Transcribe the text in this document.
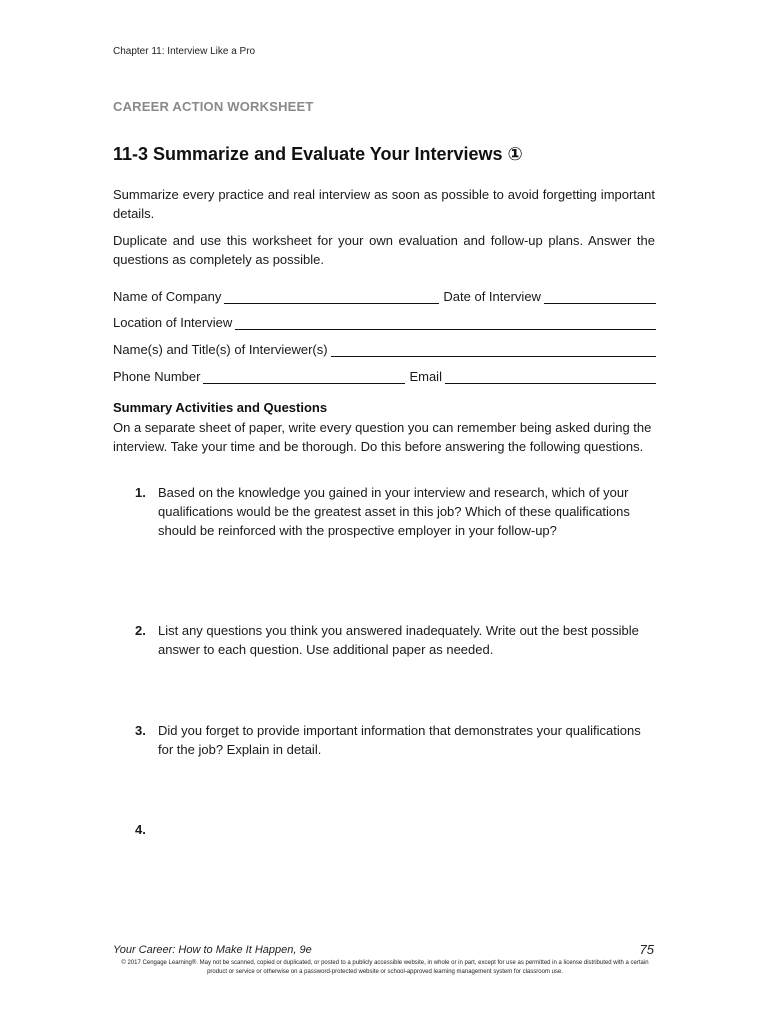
Chapter 11: Interview Like a Pro
CAREER ACTION WORKSHEET
11-3 Summarize and Evaluate Your Interviews ①
Summarize every practice and real interview as soon as possible to avoid forgetting important details.
Duplicate and use this worksheet for your own evaluation and follow-up plans. Answer the questions as completely as possible.
Name of Company	Date of Interview
Location of Interview
Name(s) and Title(s) of Interviewer(s)
Phone Number	Email
Summary Activities and Questions
On a separate sheet of paper, write every question you can remember being asked during the interview. Take your time and be thorough. Do this before answering the following questions.
1. Based on the knowledge you gained in your interview and research, which of your qualifications would be the greatest asset in this job? Which of these qualifications should be reinforced with the prospective employer in your follow-up?
2. List any questions you think you answered inadequately. Write out the best possible answer to each question. Use additional paper as needed.
3. Did you forget to provide important information that demonstrates your qualifications for the job? Explain in detail.
4.
Your Career: How to Make It Happen, 9e	75
© 2017 Cengage Learning®. May not be scanned, copied or duplicated, or posted to a publicly accessible website, in whole or in part, except for use as permitted in a license distributed with a certain product or service or otherwise on a password-protected website or school-approved learning management system for classroom use.
